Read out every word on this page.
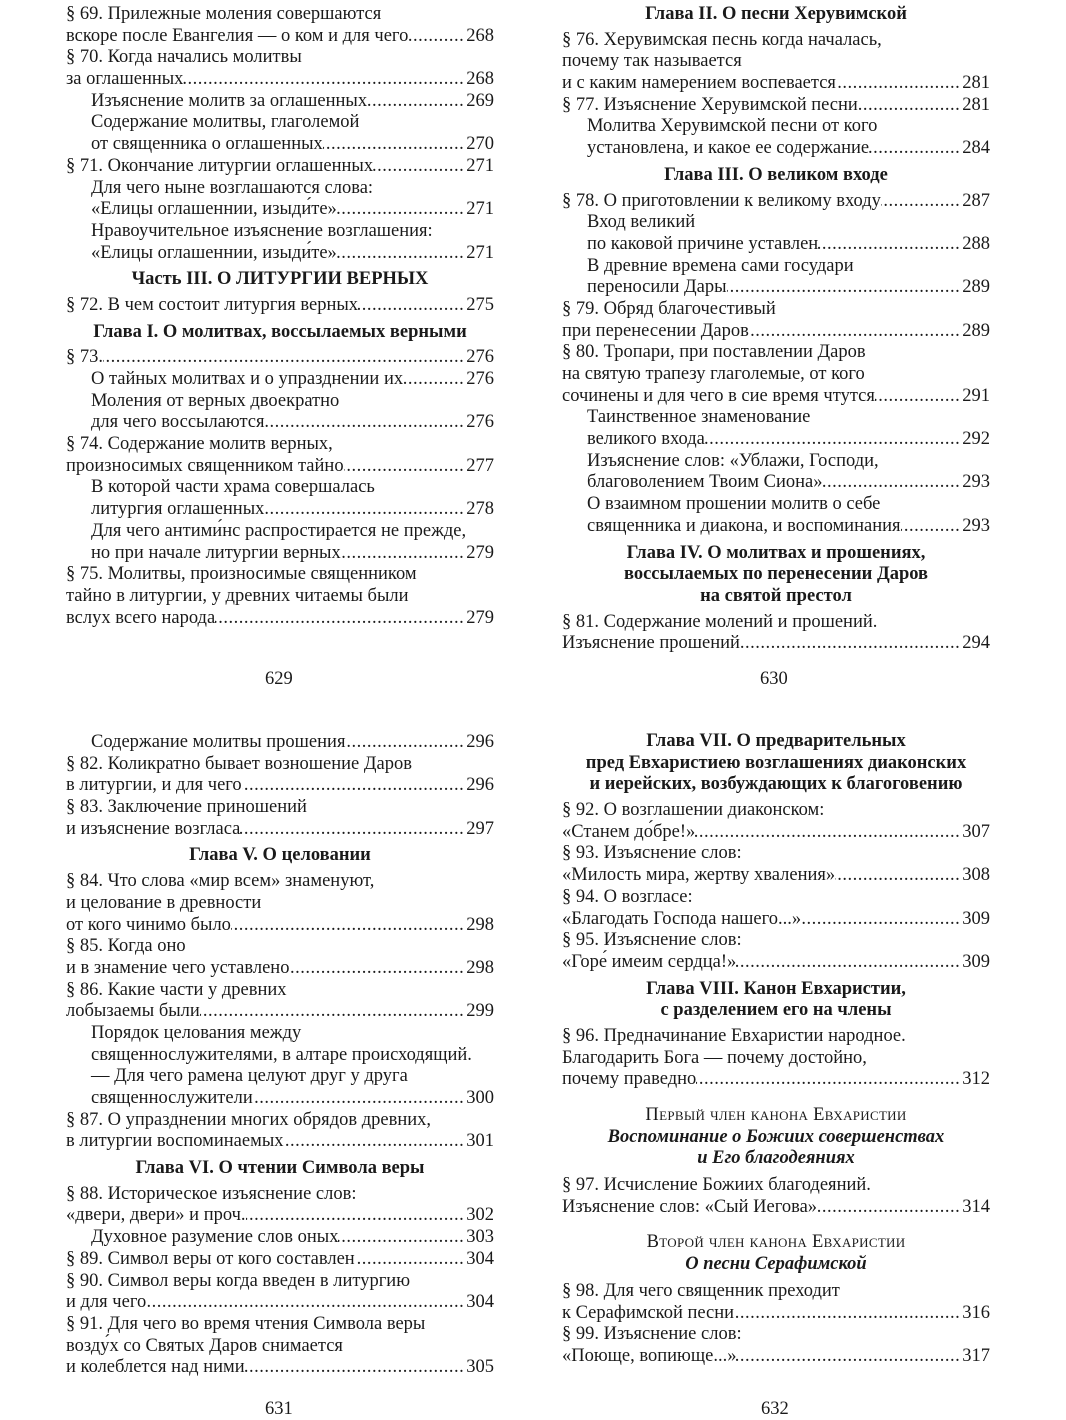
§ 69. Прилежные моления совершаются
вскоре после Евангелия — о ком и для чего .....	268
§ 70. Когда начались молитвы
за оглашенных .....	268
Изъяснение молитв за оглашенных .....	269
Содержание молитвы, глаголемой
от священника о оглашенных .....	270
§ 71. Окончание литургии оглашенных .....	271
Для чего ныне возглашаются слова:
«Елицы оглашеннии, изыди́те» .....	271
Нравоучительное изъяснение возглашения:
«Елицы оглашеннии, изыди́те» .....	271
Часть III. О ЛИТУРГИИ ВЕРНЫХ
§ 72. В чем состоит литургия верных .....	275
Глава I. О молитвах, воссылаемых верными
§ 73. .....	276
О тайных молитвах и о упразднении их .....	276
Моления от верных двоекратно
для чего воссылаются .....	276
§ 74. Содержание молитв верных,
произносимых священником тайно .....	277
В которой части храма совершалась
литургия оглашенных .....	278
Для чего антими́нс распростирается не прежде,
но при начале литургии верных .....	279
§ 75. Молитвы, произносимые священником
тайно в литургии, у древних читаемы были
вслух всего народа .....	279
Глава II. О песни Херувимской
§ 76. Херувимская песнь когда началась,
почему так называется
и с каким намерением воспевается .....	281
§ 77. Изъяснение Херувимской песни .....	281
Молитва Херувимской песни от кого
установлена, и какое ее содержание .....	284
Глава III. О великом входе
§ 78. О приготовлении к великому входу .....	287
Вход великий
по каковой причине уставлен .....	288
В древние времена сами государи
переносили Дары .....	289
§ 79. Обряд благочестивый
при перенесении Даров .....	289
§ 80. Тропари, при поставлении Даров
на святую трапезу глаголемые, от кого
сочинены и для чего в сие время чтутся .....	291
Таинственное знаменование
великого входа .....	292
Изъяснение слов: «Ублажи, Господи,
благоволением Твоим Сиона» .....	293
О взаимном прошении молитв о себе
священника и диакона, и воспоминания .....	293
Глава IV. О молитвах и прошениях,
воссылаемых по перенесении Даров
на святой престол
§ 81. Содержание молений и прошений.
Изъяснение прошений .....	294
Содержание молитвы прошения .....	296
§ 82. Коликратно бывает возношение Даров
в литургии, и для чего .....	296
§ 83. Заключение приношений
и изъяснение возгласа .....	297
Глава V. О целовании
§ 84. Что слова «мир всем» знаменуют,
и целование в древности
от кого чинимо было .....	298
§ 85. Когда оно
и в знамение чего уставлено .....	298
§ 86. Какие части у древних
лобызаемы были .....	299
Порядок целования между
священнослужителями, в алтаре происходящий.
— Для чего рамена целуют друг у друга
священнослужители .....	300
§ 87. О упразднении многих обрядов древних,
в литургии воспоминаемых .....	301
Глава VI. О чтении Символа веры
§ 88. Историческое изъяснение слов:
«двери, двери» и проч. .....	302
Духовное разумение слов оных .....	303
§ 89. Символ веры от кого составлен .....	304
§ 90. Символ веры когда введен в литургию
и для чего .....	304
§ 91. Для чего во время чтения Символа веры
возду́х со Святых Даров снимается
и колеблется над ними .....	305
Глава VII. О предварительных
пред Евхаристиею возглашениях диаконских
и иерейских, возбуждающих к благоговению
§ 92. О возглашении диаконском:
«Станем до́бре!» .....	307
§ 93. Изъяснение слов:
«Милость мира, жертву хваления» .....	308
§ 94. О возгласе:
«Благодать Господа нашего...» .....	309
§ 95. Изъяснение слов:
«Горе́ имеим сердца!» .....	309
Глава VIII. Канон Евхаристии,
с разделением его на члены
§ 96. Предначинание Евхаристии народное.
Благодарить Бога — почему достойно,
почему праведно .....	312
Первый член канона Евхаристии
Воспоминание о Божиих совершенствах
и Его благодеяниях
§ 97. Исчисление Божиих благодеяний.
Изъяснение слов: «Сый Иегова» .....	314
Второй член канона Евхаристии
О песни Серафимской
§ 98. Для чего священник преходит
к Серафимской песни .....	316
§ 99. Изъяснение слов:
«Поюще, вопиюще...» .....	317
629	630
631	632
